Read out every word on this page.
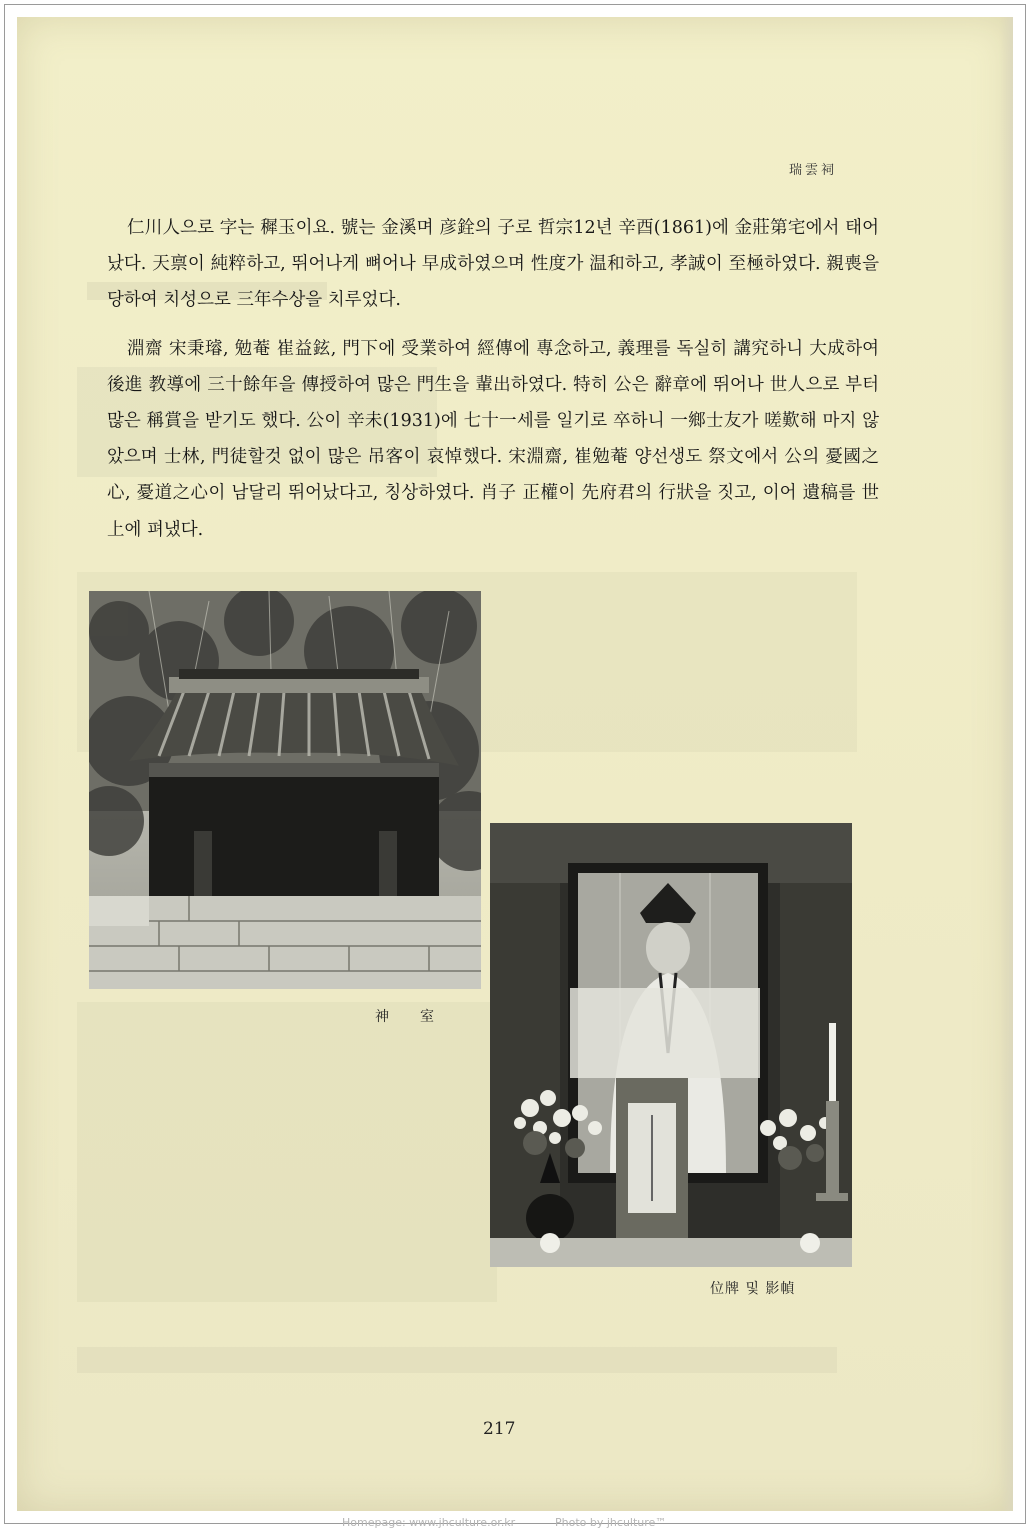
瑞雲祠

仁川人으로 字는 穉玉이요. 號는 金溪며 彦銓의 子로 哲宗12년 辛酉(1861)에 金莊第宅에서 태어났다. 天禀이 純粹하고, 뛰어나게 뼈어나 早成하였으며 性度가 温和하고, 孝誠이 至極하였다. 親喪을 당하여 치성으로 三年수상을 치루었다.

淵齋 宋秉璿, 勉菴 崔益鉉, 門下에 受業하여 經傳에 專念하고, 義理를 독실히 講究하니 大成하여 後進 教導에 三十餘年을 傳授하여 많은 門生을 輩出하였다. 特히 公은 辭章에 뛰어나 世人으로 부터 많은 稱賞을 받기도 했다. 公이 辛未(1931)에 七十一세를 일기로 卒하니 一鄉士友가 嗟歎해 마지 않았으며 士林, 門徒할것 없이 많은 吊客이 哀悼했다. 宋淵齋, 崔勉菴 양선생도 祭文에서 公의 憂國之心, 憂道之心이 남달리 뛰어났다고, 칭상하였다. 肖子 正權이 先府君의 行狀을 짓고, 이어 遺稿를 世上에 펴냈다.

神　　室
位牌 및 影幀
217
Homepage: www.jhculture.or.kr	Photo by jhculture™
